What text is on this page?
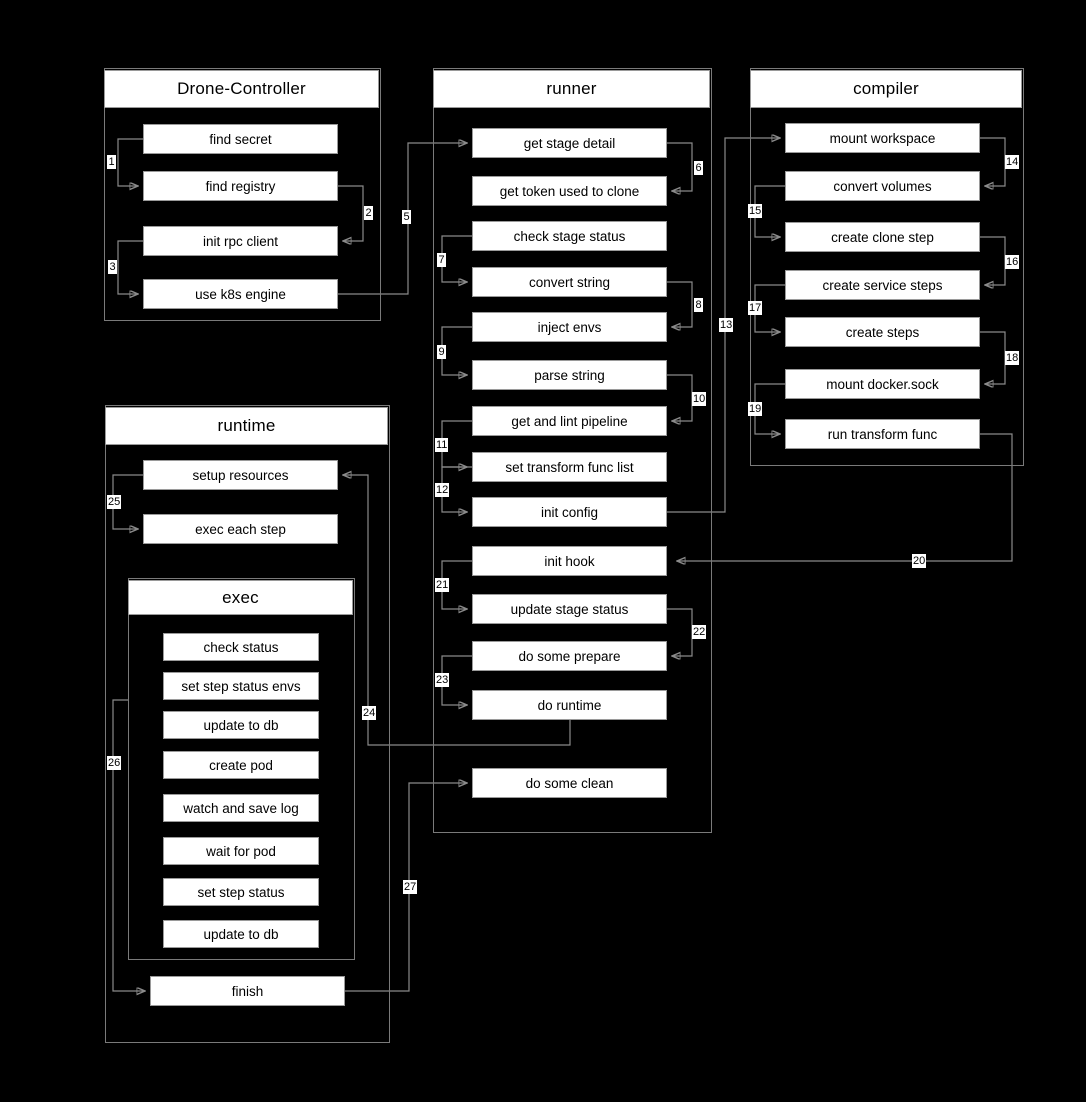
Drone-Controller
find secret
find registry
init rpc client
use k8s engine
runner
get stage detail
get token used to clone
check stage status
convert string
inject envs
parse string
get and lint pipeline
set transform func list
init config
init hook
update stage status
do some prepare
do runtime
do some clean
compiler
mount workspace
convert volumes
create clone step
create service steps
create steps
mount docker.sock
run transform func
runtime
setup resources
exec each step
finish
exec
check status
set step status envs
update to db
create pod
watch and save log
wait for pod
set step status
update to db
1
2
3
5
6
7
8
9
10
11
12
13
14
15
16
17
18
19
20
21
22
23
24
25
26
27
